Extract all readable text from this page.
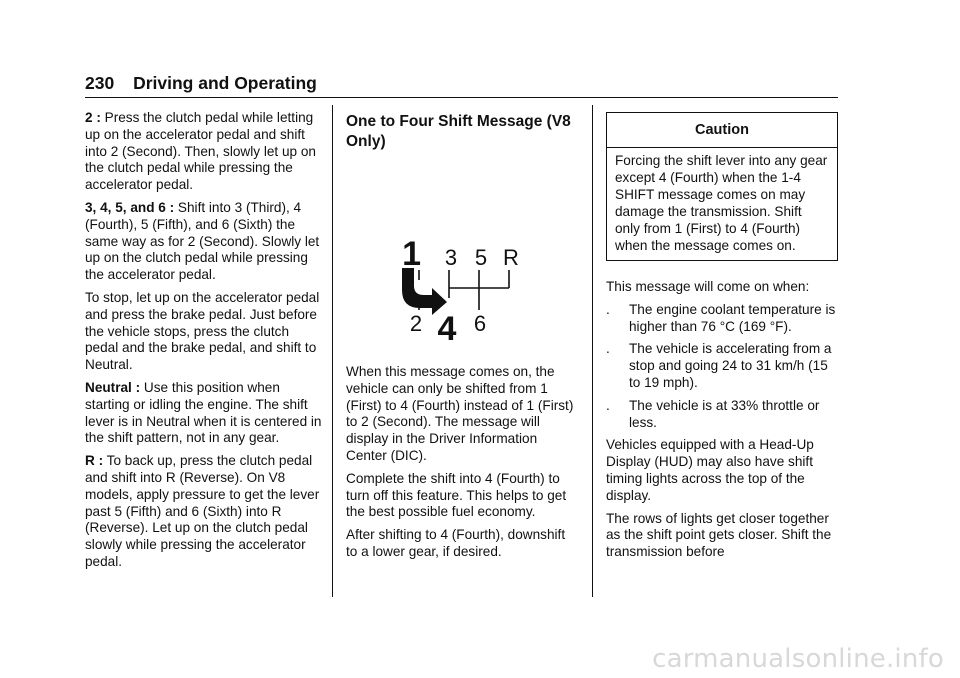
230 Driving and Operating

2 : Press the clutch pedal while letting up on the accelerator pedal and shift into 2 (Second). Then, slowly let up on the clutch pedal while pressing the accelerator pedal.

3, 4, 5, and 6 : Shift into 3 (Third), 4 (Fourth), 5 (Fifth), and 6 (Sixth) the same way as for 2 (Second). Slowly let up on the clutch pedal while pressing the accelerator pedal.

To stop, let up on the accelerator pedal and press the brake pedal. Just before the vehicle stops, press the clutch pedal and the brake pedal, and shift to Neutral.

Neutral : Use this position when starting or idling the engine. The shift lever is in Neutral when it is centered in the shift pattern, not in any gear.

R : To back up, press the clutch pedal and shift into R (Reverse). On V8 models, apply pressure to get the lever past 5 (Fifth) and 6 (Sixth) into R (Reverse). Let up on the clutch pedal slowly while pressing the accelerator pedal.

One to Four Shift Message (V8 Only)
1 3 5 R
2 4 6

When this message comes on, the vehicle can only be shifted from 1 (First) to 4 (Fourth) instead of 1 (First) to 2 (Second). The message will display in the Driver Information Center (DIC).

Complete the shift into 4 (Fourth) to turn off this feature. This helps to get the best possible fuel economy.

After shifting to 4 (Fourth), downshift to a lower gear, if desired.

Caution
Forcing the shift lever into any gear except 4 (Fourth) when the 1-4 SHIFT message comes on may damage the transmission. Shift only from 1 (First) to 4 (Fourth) when the message comes on.

This message will come on when:

. The engine coolant temperature is higher than 76 °C (169 °F).
. The vehicle is accelerating from a stop and going 24 to 31 km/h (15 to 19 mph).
. The vehicle is at 33% throttle or less.

Vehicles equipped with a Head-Up Display (HUD) may also have shift timing lights across the top of the display.

The rows of lights get closer together as the shift point gets closer. Shift the transmission before

carmanualsonline.info
